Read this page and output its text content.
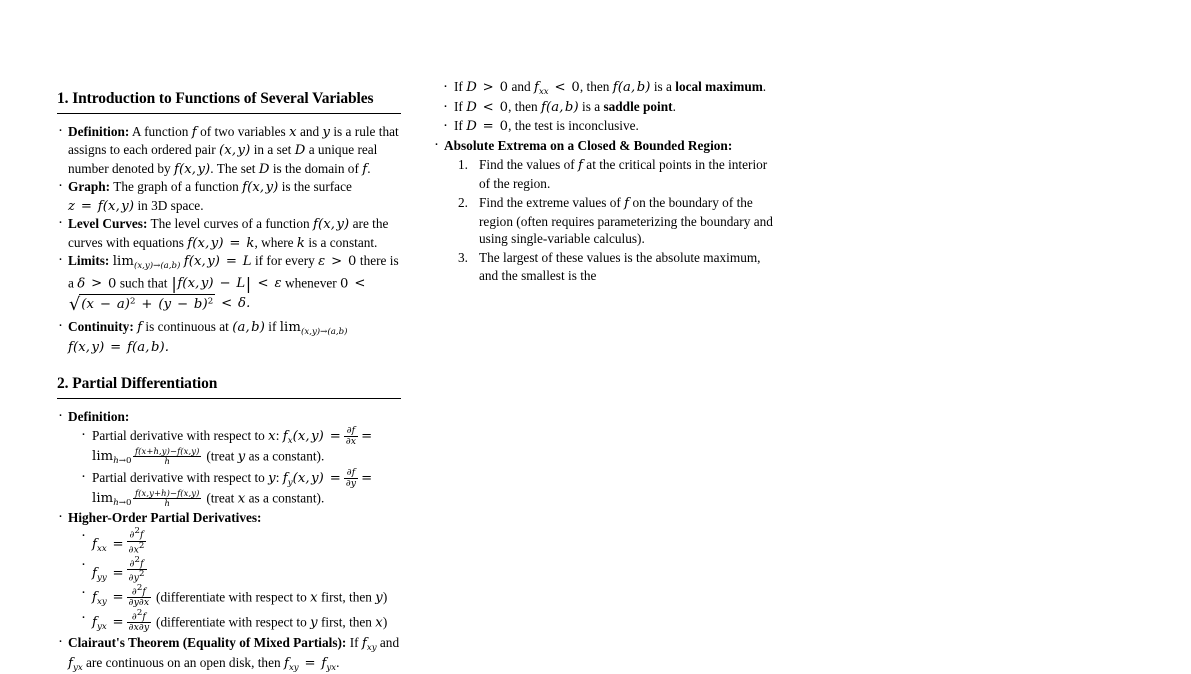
1. Introduction to Functions of Several Variables
· Definition: A function f of two variables x and y is a rule that assigns to each ordered pair (x, y) in a set D a unique real number denoted by f(x, y). The set D is the domain of f.
· Graph: The graph of a function f(x, y) is the surface z = f(x, y) in 3D space.
· Level Curves: The level curves of a function f(x, y) are the curves with equations f(x, y) = k, where k is a constant.
· Limits: $\lim_{(x,y)\to(a,b)} f(x$, y) = L if for every ε > 0 there is a δ > 0 such that |f(x, y) − L| < ε whenever $0 < √(x - a)^2 + (y - b)^2 < \delta$.
· Continuity: f is continuous at (a, b) if $\lim_{(x,y)\to(a,b)} f(x$, y) = f(a, b).
2. Partial Differentiation
· Definition:
· Partial derivative with respect to x: $f_x(x$, $y) = \frac{\partial f}{\partial x} = \lim_{h\to 0} \frac{f(x+h,y)-f(x,y)}{h}$ (treat y as a constant).
· Partial derivative with respect to y: $f_y(x$, $y) = \frac{\partial f}{\partial y} = \lim_{h\to 0} \frac{f(x,y+h)-f(x,y)}{h}$ (treat x as a constant).
· Higher-Order Partial Derivatives:
· $f_{xx} = \frac{\partial 2f}{\partial x2}$
· $f_{yy} = \frac{\partial 2f}{\partial y2}$
· $f_{xy} = \frac{\partial 2f}{\partial y\partial x}$ (differentiate with respect to x first, then y)
· $f_{yx} = \frac{\partial 2f}{\partial x\partial y}$ (differentiate with respect to y first, then x)
· Clairaut's Theorem (Equality of Mixed Partials): If $f_{xy}$ and $f_{yx}$ are continuous on an open disk, then $f_{xy} = f_{yx}$.
· If D > 0 and $f_{xx} < 0$, then f(a, b) is a local maximum.
· If D < 0, then f(a, b) is a saddle point.
· If D = 0, the test is inconclusive.
· Absolute Extrema on a Closed & Bounded Region:
Find the values of f at the critical points in the interior of the region.
Find the extreme values of f on the boundary of the region (often requires parameterizing the boundary and using single-variable calculus).
The largest of these values is the absolute maximum, and the smallest is the
